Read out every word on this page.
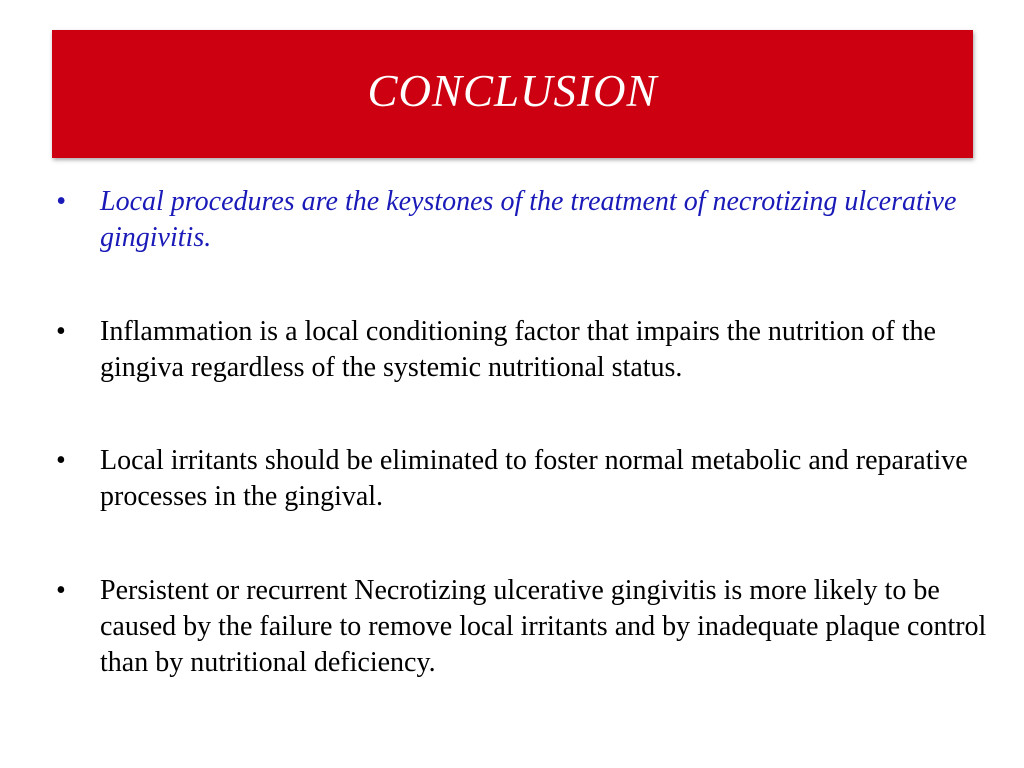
CONCLUSION
•	Local procedures are the keystones of the treatment of necrotizing ulcerative gingivitis.
•	Inflammation is a local conditioning factor that impairs the nutrition of the gingiva regardless of the systemic nutritional status.
•	Local irritants should be eliminated to foster normal metabolic and reparative processes in the gingival.
•	Persistent or recurrent Necrotizing ulcerative gingivitis is more likely to be caused by the failure to remove local irritants and by inadequate plaque control than by nutritional deficiency.
